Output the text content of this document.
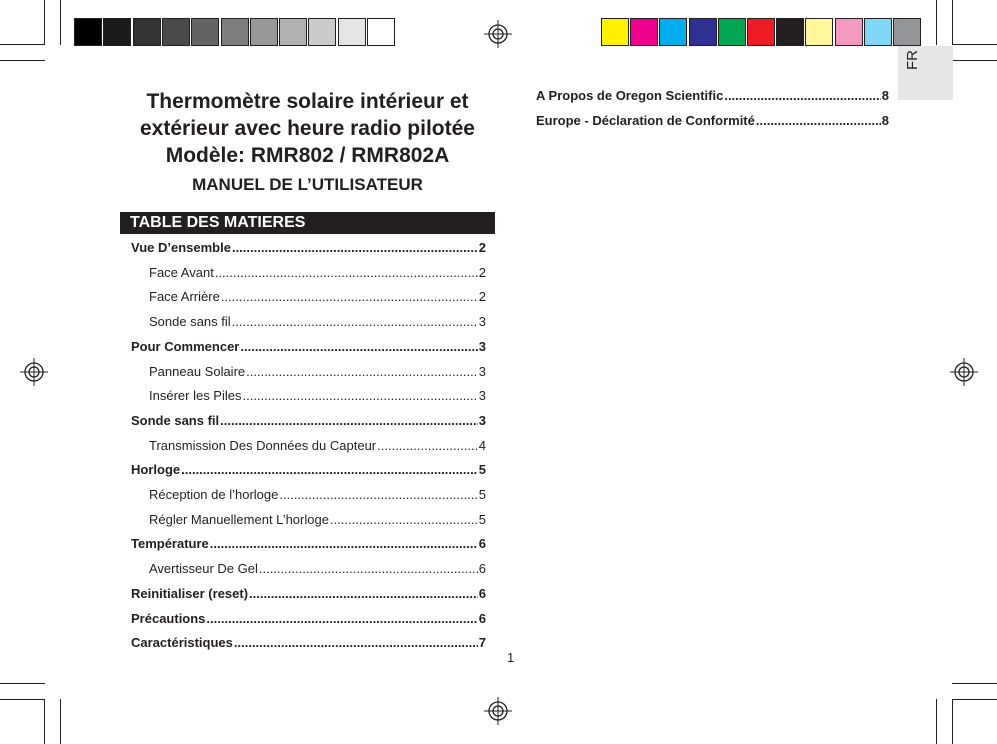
FR
Thermomètre solaire intérieur et
extérieur avec heure radio pilotée
Modèle: RMR802 / RMR802A
MANUEL DE L’UTILISATEUR
TABLE DES MATIERES
Vue D’ensemble .....	2
Face Avant .....	2
Face Arrière .....	2
Sonde sans fil .....	3
Pour Commencer .....	3
Panneau Solaire .....	3
Insérer les Piles .....	3
Sonde sans fil .....	3
Transmission Des Données du Capteur .....	4
Horloge .....	5
Réception de l’horloge .....	5
Régler Manuellement L’horloge .....	5
Température .....	6
Avertisseur De Gel .....	6
Reinitialiser (reset) .....	6
Précautions .....	6
Caractéristiques .....	7
A Propos de Oregon Scientific .....	8
Europe - Déclaration de Conformité .....	8
1
